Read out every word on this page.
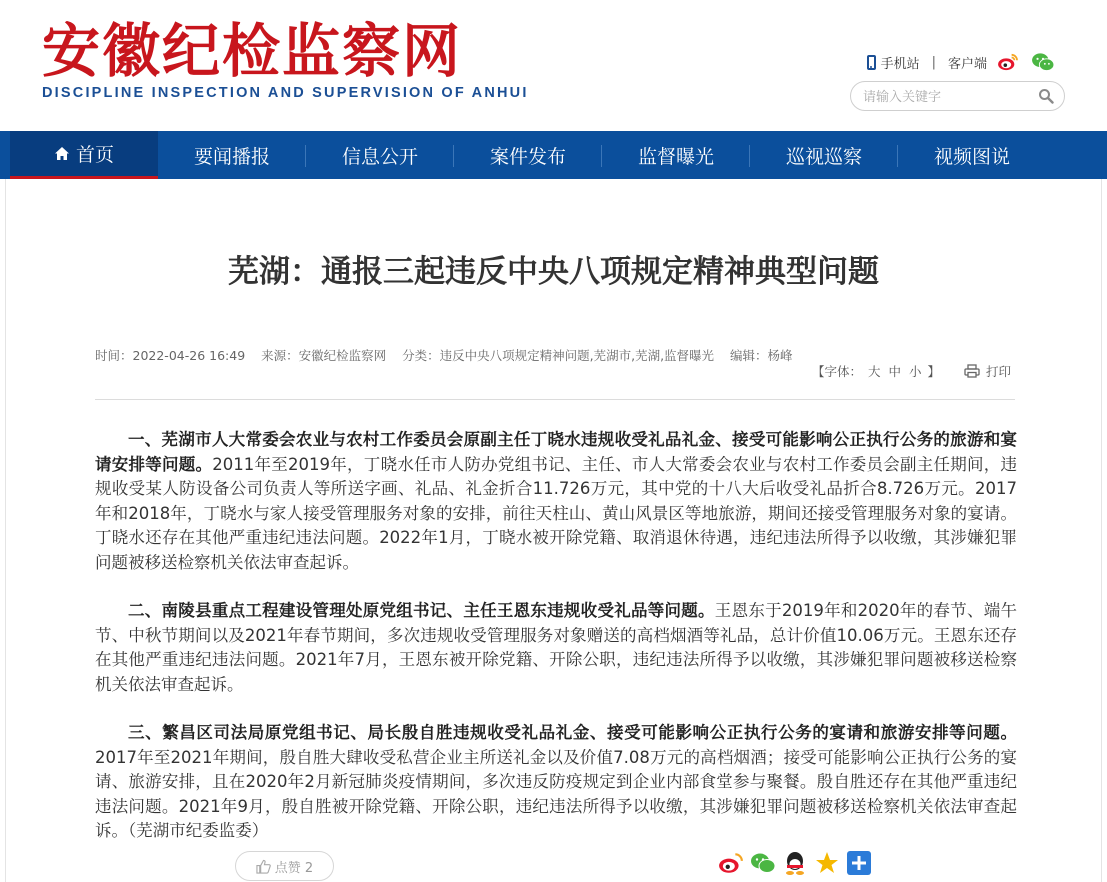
安徽纪检监察网
DISCIPLINE INSPECTION AND SUPERVISION OF ANHUI
手机站 | 客户端
请输入关键字
首页	要闻播报	信息公开	案件发布	监督曝光	巡视巡察	视频图说
芜湖：通报三起违反中央八项规定精神典型问题
时间：2022-04-26 16:49 来源：安徽纪检监察网 分类：违反中央八项规定精神问题,芜湖市,芜湖,监督曝光 编辑：杨峰
【字体： 大 中 小 】	打印

一、芜湖市人大常委会农业与农村工作委员会原副主任丁晓水违规收受礼品礼金、接受可能影响公正执行公务的旅游和宴请安排等问题。2011年至2019年，丁晓水任市人防办党组书记、主任、市人大常委会农业与农村工作委员会副主任期间，违规收受某人防设备公司负责人等所送字画、礼品、礼金折合11.726万元，其中党的十八大后收受礼品折合8.726万元。2017年和2018年，丁晓水与家人接受管理服务对象的安排，前往天柱山、黄山风景区等地旅游，期间还接受管理服务对象的宴请。丁晓水还存在其他严重违纪违法问题。2022年1月，丁晓水被开除党籍、取消退休待遇，违纪违法所得予以收缴，其涉嫌犯罪问题被移送检察机关依法审查起诉。

二、南陵县重点工程建设管理处原党组书记、主任王恩东违规收受礼品等问题。王恩东于2019年和2020年的春节、端午节、中秋节期间以及2021年春节期间，多次违规收受管理服务对象赠送的高档烟酒等礼品，总计价值10.06万元。王恩东还存在其他严重违纪违法问题。2021年7月，王恩东被开除党籍、开除公职，违纪违法所得予以收缴，其涉嫌犯罪问题被移送检察机关依法审查起诉。

三、繁昌区司法局原党组书记、局长殷自胜违规收受礼品礼金、接受可能影响公正执行公务的宴请和旅游安排等问题。2017年至2021年期间，殷自胜大肆收受私营企业主所送礼金以及价值7.08万元的高档烟酒；接受可能影响公正执行公务的宴请、旅游安排，且在2020年2月新冠肺炎疫情期间，多次违反防疫规定到企业内部食堂参与聚餐。殷自胜还存在其他严重违纪违法问题。2021年9月，殷自胜被开除党籍、开除公职，违纪违法所得予以收缴，其涉嫌犯罪问题被移送检察机关依法审查起诉。（芜湖市纪委监委）

点赞 2
